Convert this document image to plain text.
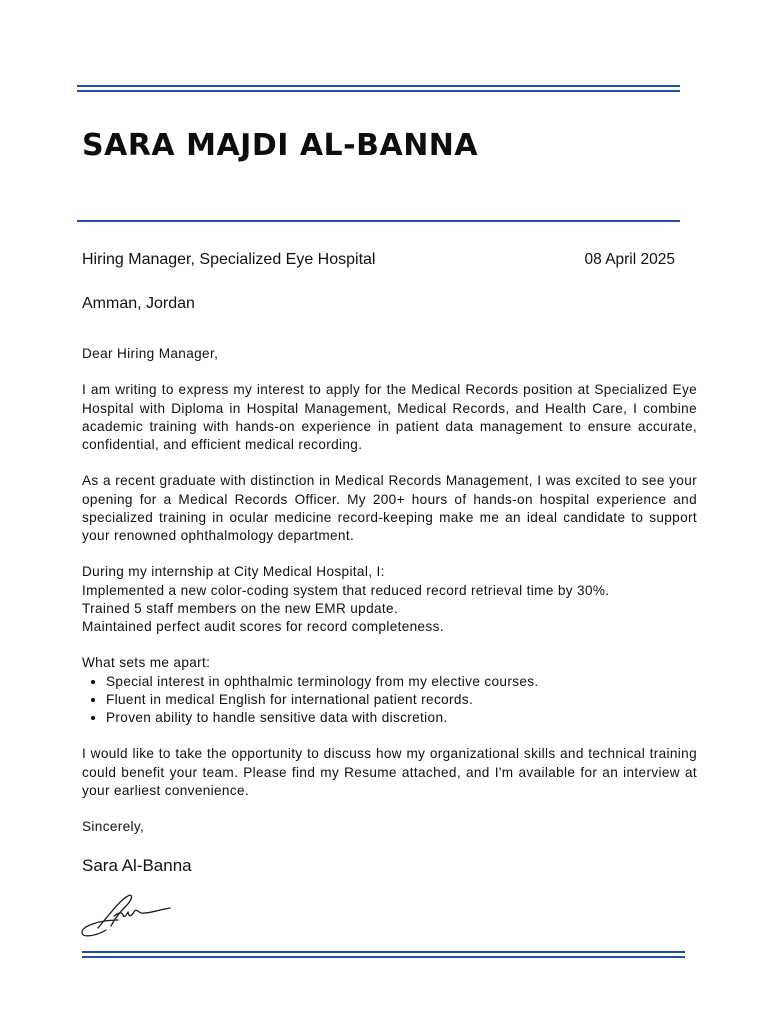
SARA MAJDI AL-BANNA
Hiring Manager, Specialized Eye Hospital	08 April 2025
Amman, Jordan

Dear Hiring Manager,

I am writing to express my interest to apply for the Medical Records position at Specialized Eye Hospital with Diploma in Hospital Management, Medical Records, and Health Care, I combine academic training with hands-on experience in patient data management to ensure accurate, confidential, and efficient medical recording.

As a recent graduate with distinction in Medical Records Management, I was excited to see your opening for a Medical Records Officer. My 200+ hours of hands-on hospital experience and specialized training in ocular medicine record-keeping make me an ideal candidate to support your renowned ophthalmology department.

During my internship at City Medical Hospital, I:
Implemented a new color-coding system that reduced record retrieval time by 30%.
Trained 5 staff members on the new EMR update.
Maintained perfect audit scores for record completeness.

What sets me apart:

• Special interest in ophthalmic terminology from my elective courses.
• Fluent in medical English for international patient records.
• Proven ability to handle sensitive data with discretion.

I would like to take the opportunity to discuss how my organizational skills and technical training could benefit your team. Please find my Resume attached, and I'm available for an interview at your earliest convenience.

Sincerely,

Sara Al-Banna
